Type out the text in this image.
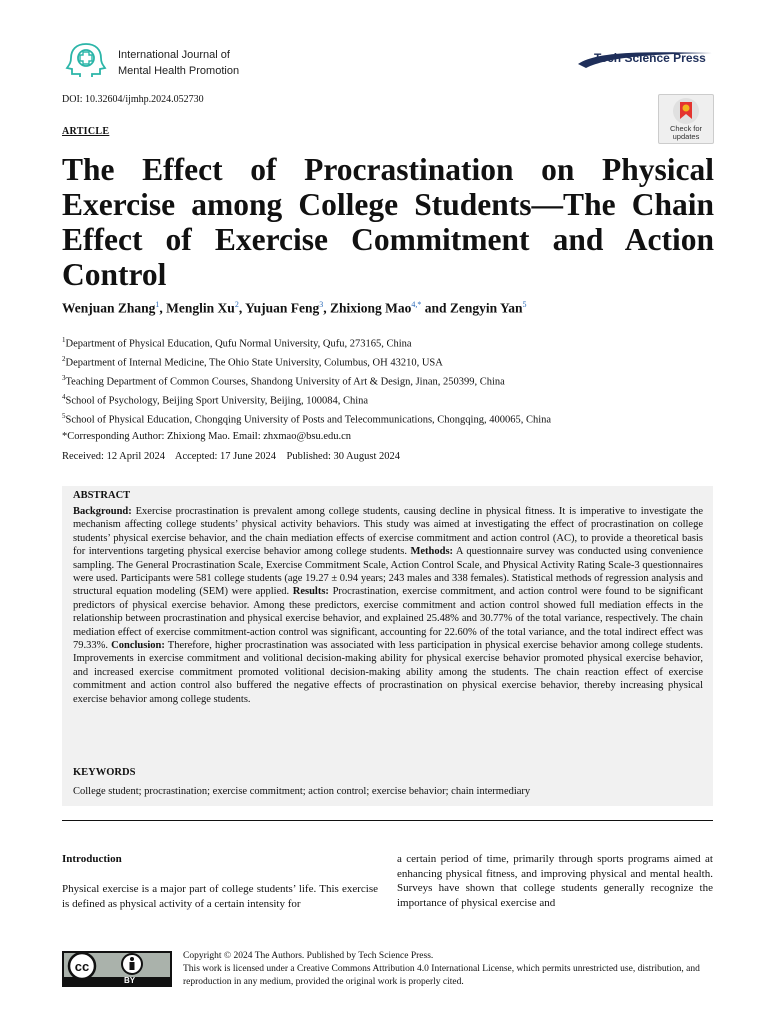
International Journal of
Mental Health Promotion
Tech Science Press
DOI: 10.32604/ijmhp.2024.052730
ARTICLE	Check for
updates
The Effect of Procrastination on Physical Exercise among College Students—The Chain Effect of Exercise Commitment and Action Control
Wenjuan Zhang$^1$, Menglin Xu$^2$, Yujuan Feng$^3$, Zhixiong Mao$^{4,*}$ and Zengyin Yan$^5$
$^1$Department of Physical Education, Qufu Normal University, Qufu, 273165, China
$^2$Department of Internal Medicine, The Ohio State University, Columbus, OH 43210, USA
$^3$Teaching Department of Common Courses, Shandong University of Art & Design, Jinan, 250399, China
$^4$School of Psychology, Beijing Sport University, Beijing, 100084, China
$^5$School of Physical Education, Chongqing University of Posts and Telecommunications, Chongqing, 400065, China
*Corresponding Author: Zhixiong Mao. Email: zhxmao@bsu.edu.cn
Received: 12 April 2024    Accepted: 17 June 2024    Published: 30 August 2024
ABSTRACT
Background: Exercise procrastination is prevalent among college students, causing decline in physical fitness. It is imperative to investigate the mechanism affecting college students’ physical activity behaviors. This study was aimed at investigating the effect of procrastination on college students’ physical exercise behavior, and the chain mediation effects of exercise commitment and action control (AC), to provide a theoretical basis for interventions targeting physical exercise behavior among college students. Methods: A questionnaire survey was conducted using convenience sampling. The General Procrastination Scale, Exercise Commitment Scale, Action Control Scale, and Physical Activity Rating Scale-3 questionnaires were used. Participants were 581 college students (age 19.27 ± 0.94 years; 243 males and 338 females). Statistical methods of regression analysis and structural equation modeling (SEM) were applied. Results: Procrastination, exercise commitment, and action control were found to be significant predictors of physical exercise behavior. Among these predictors, exercise commitment and action control showed full mediation effects in the relationship between procrastination and physical exercise behavior, and explained 25.48% and 30.77% of the total variance, respectively. The chain mediation effect of exercise commitment-action control was significant, accounting for 22.60% of the total variance, and the total indirect effect was 79.33%. Conclusion: Therefore, higher procrastination was associated with less participation in physical exercise behavior among college students. Improvements in exercise commitment and volitional decision-making ability for physical exercise behavior promoted physical exercise behavior, and increased exercise commitment promoted volitional decision-making ability among the students. The chain reaction effect of exercise commitment and action control also buffered the negative effects of procrastination on physical exercise behavior, thereby increasing physical exercise behavior among college students.
KEYWORDS
College student; procrastination; exercise commitment; action control; exercise behavior; chain intermediary
Introduction
Physical exercise is a major part of college students’ life. This exercise is defined as physical activity of a certain intensity for
a certain period of time, primarily through sports programs aimed at enhancing physical fitness, and improving physical and mental health. Surveys have shown that college students generally recognize the importance of physical exercise and
cc
BY
Copyright © 2024 The Authors. Published by Tech Science Press.
This work is licensed under a Creative Commons Attribution 4.0 International License, which permits unrestricted use, distribution, and reproduction in any medium, provided the original work is properly cited.
